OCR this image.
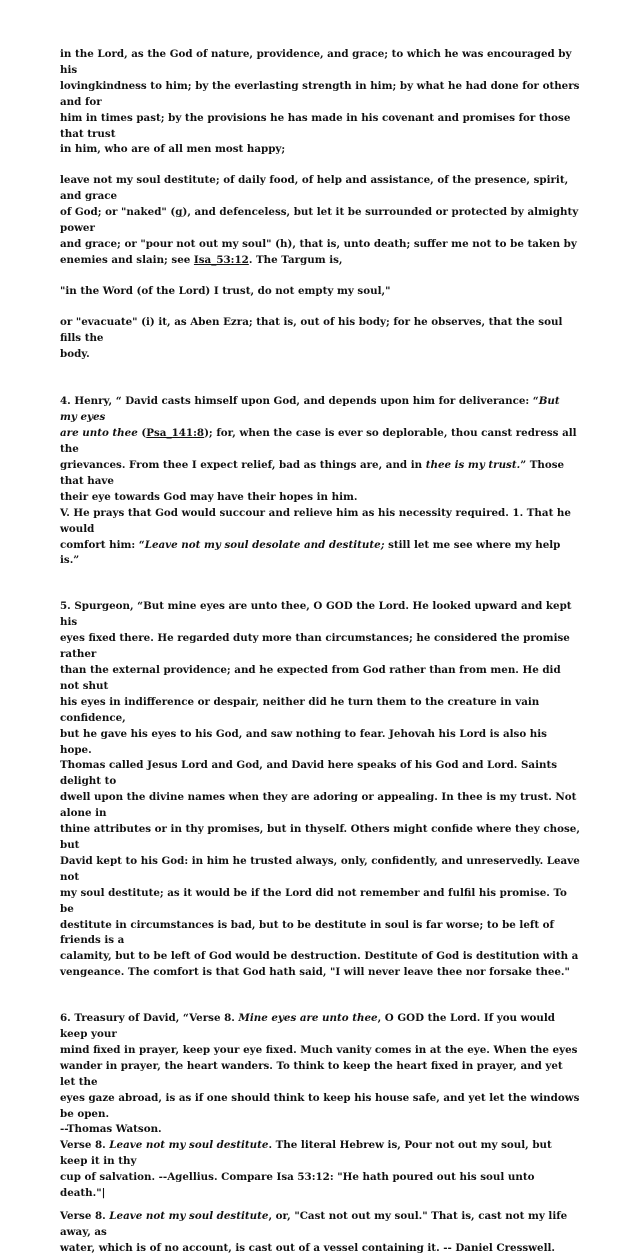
in the Lord, as the God of nature, providence, and grace; to which he was encouraged by his
lovingkindness to him; by the everlasting strength in him; by what he had done for others and for
him in times past; by the provisions he has made in his covenant and promises for those that trust
in him, who are of all men most happy;

leave not my soul destitute; of daily food, of help and assistance, of the presence, spirit, and grace
of God; or "naked" (g), and defenceless, but let it be surrounded or protected by almighty power
and grace; or "pour not out my soul" (h), that is, unto death; suffer me not to be taken by
enemies and slain; see Isa_53:12. The Targum is,

"in the Word (of the Lord) I trust, do not empty my soul,"

or "evacuate" (i) it, as Aben Ezra; that is, out of his body; for he observes, that the soul fills the
body.

4. Henry, “ David casts himself upon God, and depends upon him for deliverance: “But my eyes
are unto thee (Psa_141:8); for, when the case is ever so deplorable, thou canst redress all the
grievances. From thee I expect relief, bad as things are, and in thee is my trust.” Those that have
their eye towards God may have their hopes in him.
V. He prays that God would succour and relieve him as his necessity required. 1. That he would
comfort him: “Leave not my soul desolate and destitute; still let me see where my help is.”

5. Spurgeon, “But mine eyes are unto thee, O GOD the Lord. He looked upward and kept his
eyes fixed there. He regarded duty more than circumstances; he considered the promise rather
than the external providence; and he expected from God rather than from men. He did not shut
his eyes in indifference or despair, neither did he turn them to the creature in vain confidence,
but he gave his eyes to his God, and saw nothing to fear. Jehovah his Lord is also his hope.
Thomas called Jesus Lord and God, and David here speaks of his God and Lord. Saints delight to
dwell upon the divine names when they are adoring or appealing. In thee is my trust. Not alone in
thine attributes or in thy promises, but in thyself. Others might confide where they chose, but
David kept to his God: in him he trusted always, only, confidently, and unreservedly. Leave not
my soul destitute; as it would be if the Lord did not remember and fulfil his promise. To be
destitute in circumstances is bad, but to be destitute in soul is far worse; to be left of friends is a
calamity, but to be left of God would be destruction. Destitute of God is destitution with a
vengeance. The comfort is that God hath said, "I will never leave thee nor forsake thee."

6. Treasury of David, “Verse 8. Mine eyes are unto thee, O GOD the Lord. If you would keep your
mind fixed in prayer, keep your eye fixed. Much vanity comes in at the eye. When the eyes
wander in prayer, the heart wanders. To think to keep the heart fixed in prayer, and yet let the
eyes gaze abroad, is as if one should think to keep his house safe, and yet let the windows be open.
--Thomas Watson.
Verse 8. Leave not my soul destitute. The literal Hebrew is, Pour not out my soul, but keep it in thy
cup of salvation. --Agellius. Compare Isa 53:12: "He hath poured out his soul unto death."|

Verse 8. Leave not my soul destitute, or, "Cast not out my soul." That is, cast not my life away, as
water, which is of no account, is cast out of a vessel containing it. -- Daniel Cresswell.
